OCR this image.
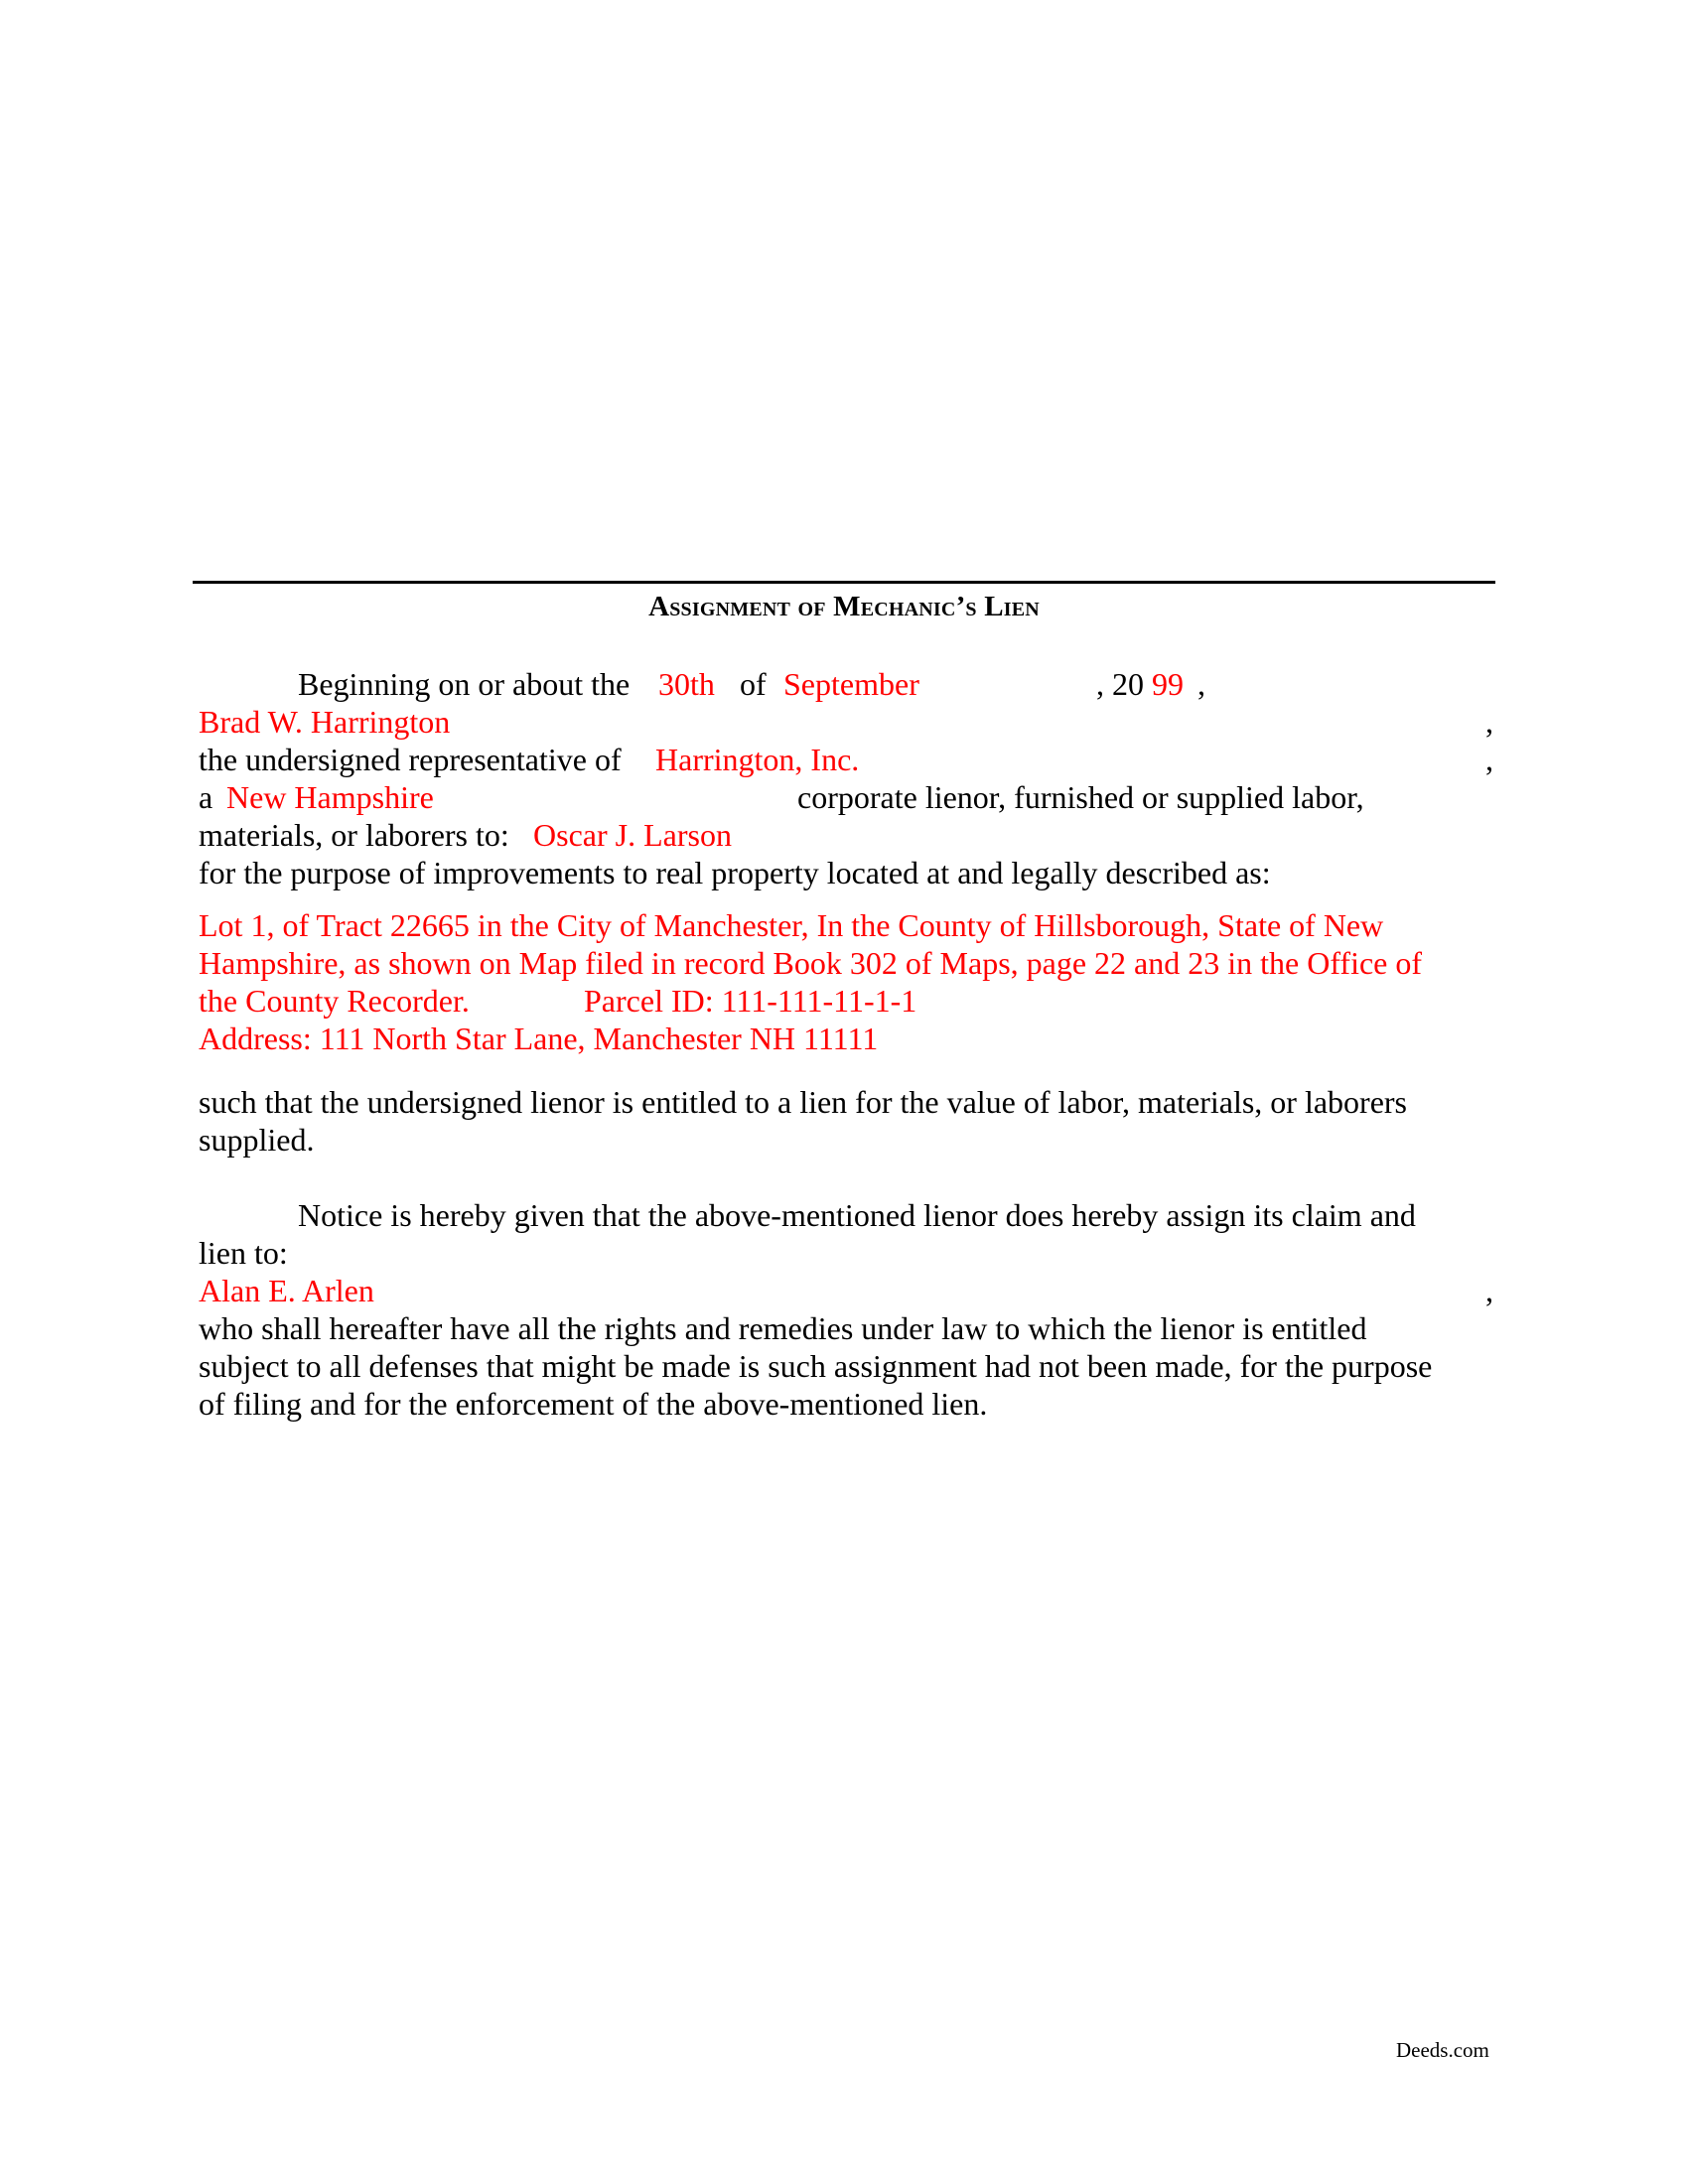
Assignment of Mechanic’s Lien
Beginning on or about the 30th of September	, 20 99 ,
Brad W. Harrington	,
the undersigned representative of Harrington, Inc.	,
a New Hampshire	corporate lienor, furnished or supplied labor,
materials, or laborers to: Oscar J. Larson
for the purpose of improvements to real property located at and legally described as:
Lot 1, of Tract 22665 in the City of Manchester, In the County of Hillsborough, State of New
Hampshire, as shown on Map filed in record Book 302 of Maps, page 22 and 23 in the Office of
the County Recorder.	Parcel ID: 111-111-11-1-1
Address: 111 North Star Lane, Manchester NH 11111
such that the undersigned lienor is entitled to a lien for the value of labor, materials, or laborers
supplied.
Notice is hereby given that the above-mentioned lienor does hereby assign its claim and
lien to:
Alan E. Arlen	,
who shall hereafter have all the rights and remedies under law to which the lienor is entitled
subject to all defenses that might be made is such assignment had not been made, for the purpose
of filing and for the enforcement of the above-mentioned lien.
Deeds.com
